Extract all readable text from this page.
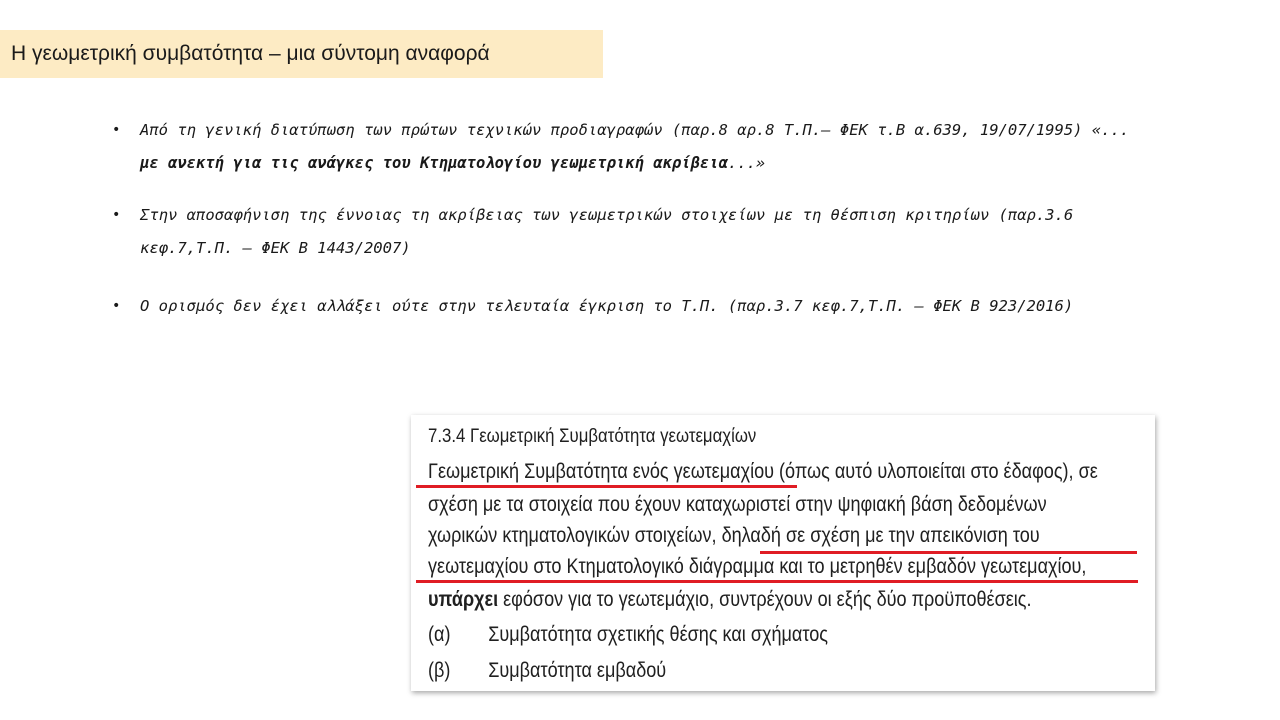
Η γεωμετρική συμβατότητα – μια σύντομη αναφορά
• Από τη γενική διατύπωση των πρώτων τεχνικών προδιαγραφών (παρ.8 αρ.8 Τ.Π.– ΦΕΚ τ.Β α.639, 19/07/1995) «... με ανεκτή για τις ανάγκες του Κτηματολογίου γεωμετρική ακρίβεια...»
• Στην αποσαφήνιση της έννοιας τη ακρίβειας των γεωμετρικών στοιχείων με τη θέσπιση κριτηρίων (παρ.3.6 κεφ.7,Τ.Π. – ΦΕΚ Β 1443/2007)
• Ο ορισμός δεν έχει αλλάξει ούτε στην τελευταία έγκριση το Τ.Π. (παρ.3.7 κεφ.7,Τ.Π. – ΦΕΚ Β 923/2016)
7.3.4 Γεωμετρική Συμβατότητα γεωτεμαχίων
Γεωμετρική Συμβατότητα ενός γεωτεμαχίου (όπως αυτό υλοποιείται στο έδαφος), σε
σχέση με τα στοιχεία που έχουν καταχωριστεί στην ψηφιακή βάση δεδομένων
χωρικών κτηματολογικών στοιχείων, δηλαδή σε σχέση με την απεικόνιση του
γεωτεμαχίου στο Κτηματολογικό διάγραμμα και το μετρηθέν εμβαδόν γεωτεμαχίου,
υπάρχει εφόσον για το γεωτεμάχιο, συντρέχουν οι εξής δύο προϋποθέσεις.
(α) Συμβατότητα σχετικής θέσης και σχήματος
(β) Συμβατότητα εμβαδού
